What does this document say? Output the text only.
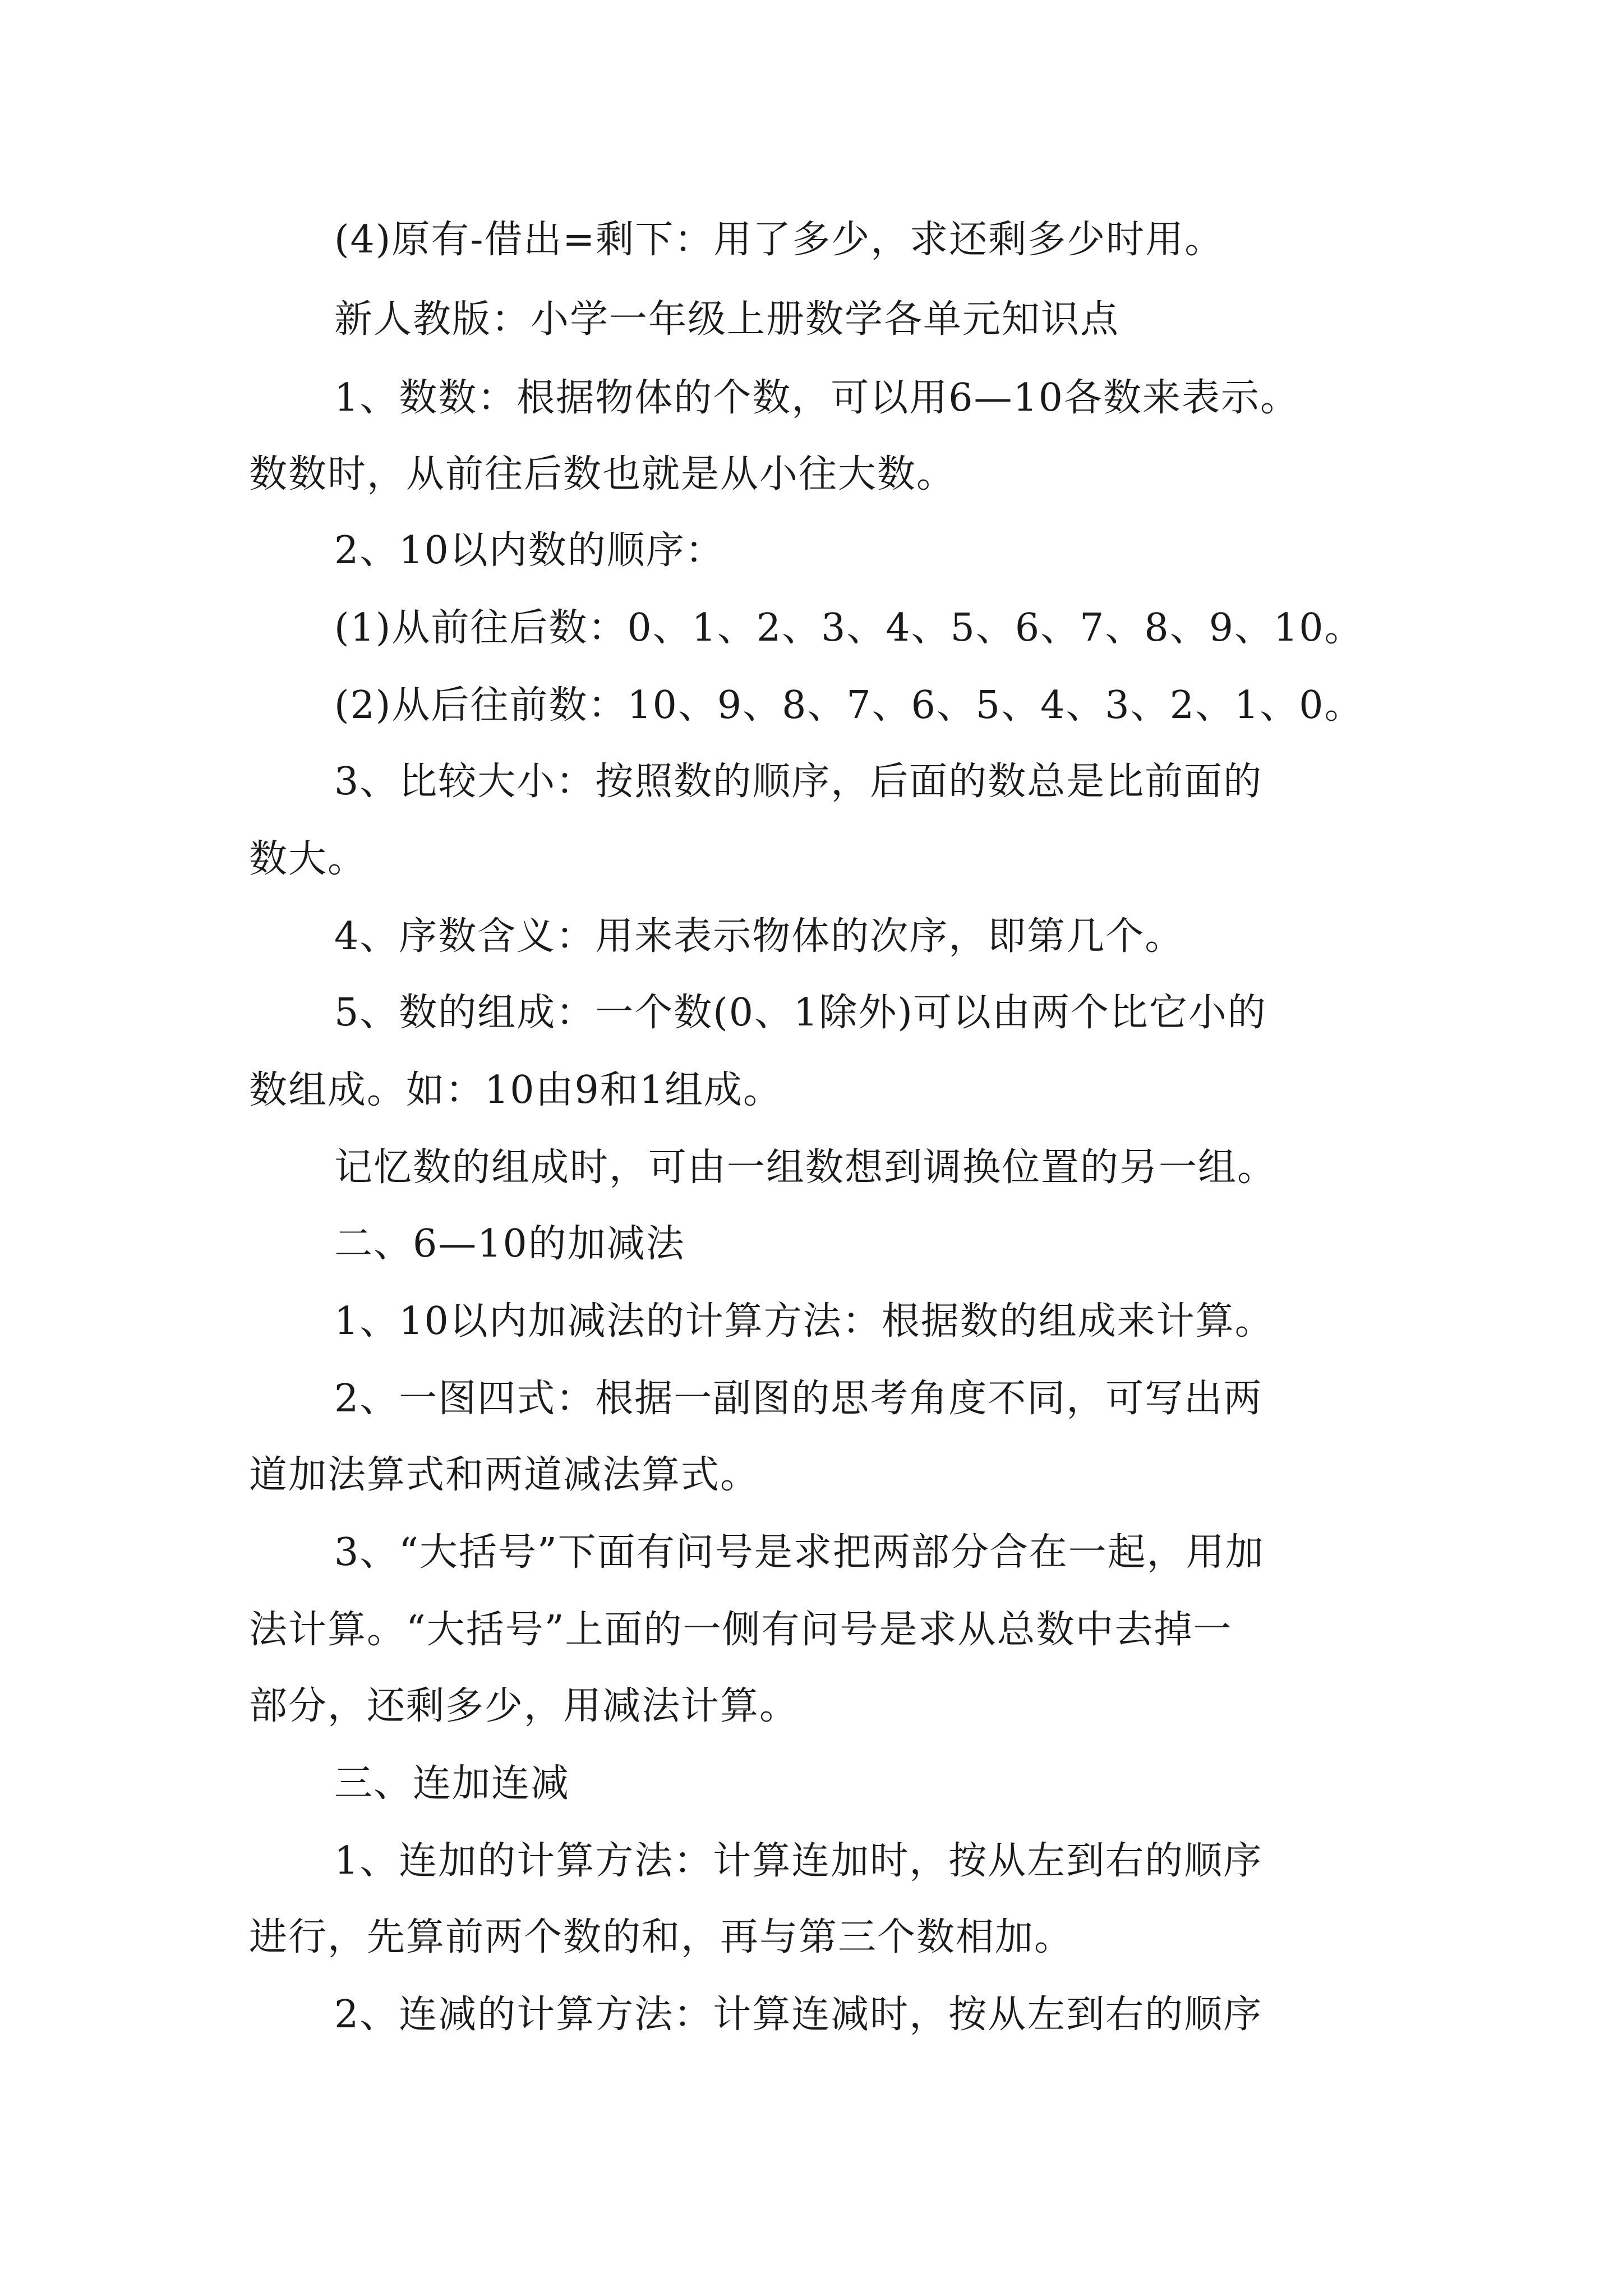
(4)原有-借出=剩下：用了多少，求还剩多少时用。
新人教版：小学一年级上册数学各单元知识点
1、数数：根据物体的个数，可以用6—10各数来表示。
数数时，从前往后数也就是从小往大数。
2、10以内数的顺序：
(1)从前往后数：0、1、2、3、4、5、6、7、8、9、10。
(2)从后往前数：10、9、8、7、6、5、4、3、2、1、0。
3、比较大小：按照数的顺序，后面的数总是比前面的
数大。
4、序数含义：用来表示物体的次序，即第几个。
5、数的组成：一个数(0、1除外)可以由两个比它小的
数组成。如：10由9和1组成。
记忆数的组成时，可由一组数想到调换位置的另一组。
二、6—10的加减法
1、10以内加减法的计算方法：根据数的组成来计算。
2、一图四式：根据一副图的思考角度不同，可写出两
道加法算式和两道减法算式。
3、“大括号”下面有问号是求把两部分合在一起，用加
法计算。“大括号”上面的一侧有问号是求从总数中去掉一
部分，还剩多少，用减法计算。
三、连加连减
1、连加的计算方法：计算连加时，按从左到右的顺序
进行，先算前两个数的和，再与第三个数相加。
2、连减的计算方法：计算连减时，按从左到右的顺序
